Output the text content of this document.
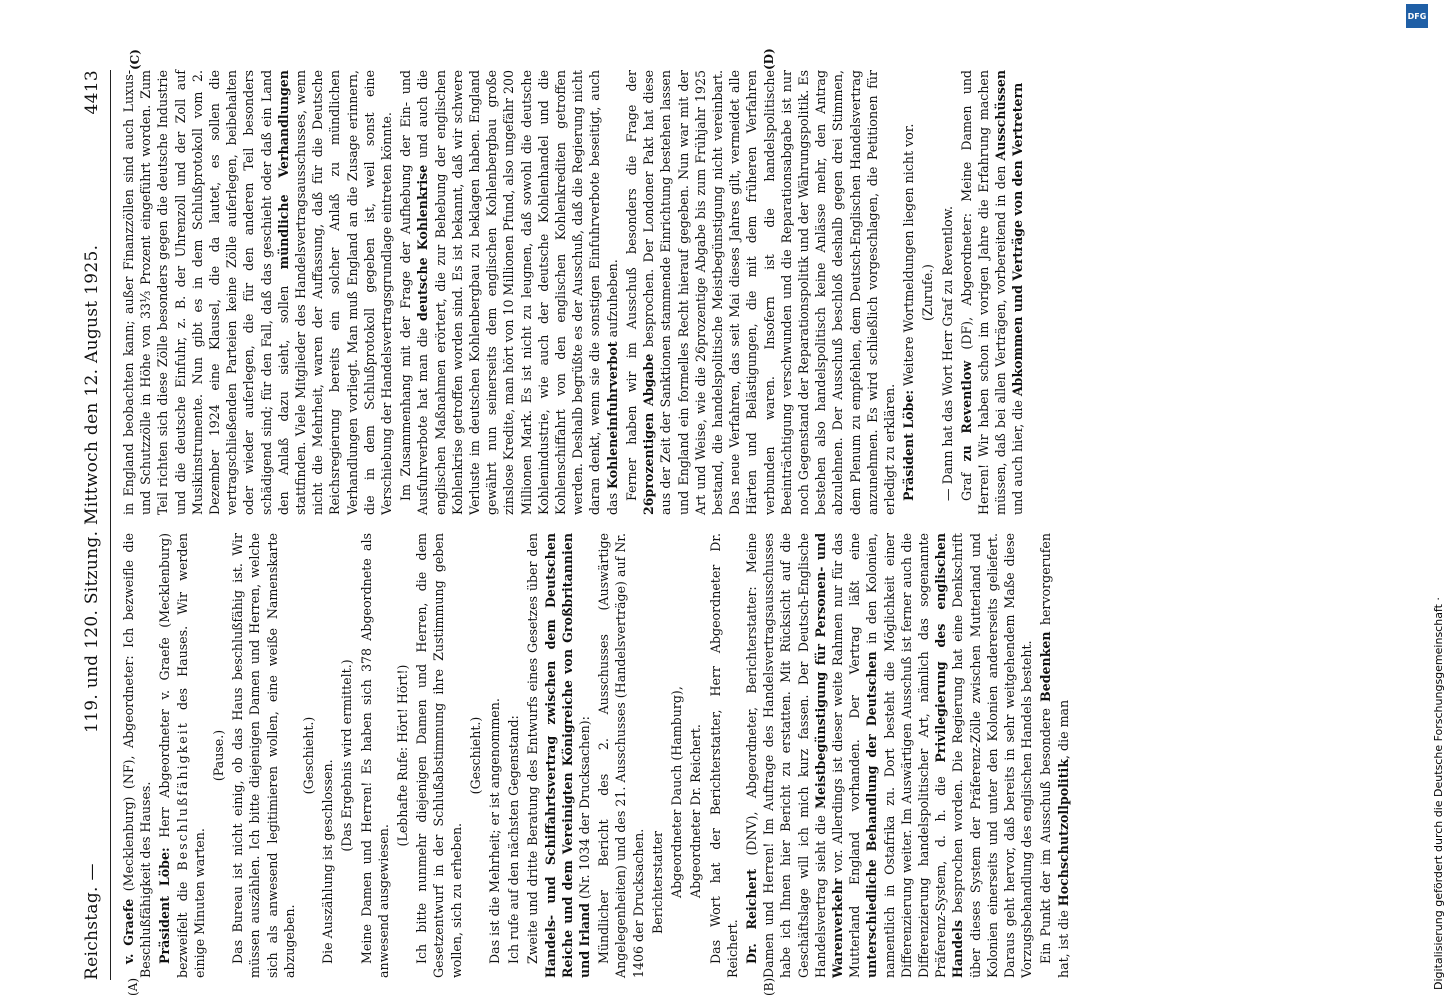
Reichstag. —
119. und 120. Sitzung. Mittwoch den 12. August 1925.
4413
(A)	(B)
(C)	(D)

v. Graefe (Mecklenburg) (NF), Abgeordneter: Ich bezweifle die Beschlußfähigkeit des Hauses. Präsident Löbe: Herr Abgeordneter v. Graefe (Mecklenburg) bezweifelt die Beschlußfähigkeit des Hauses. Wir werden einige Minuten warten.

(Pause.) Das Bureau ist nicht einig, ob das Haus beschlußfähig ist. Wir müssen auszählen. Ich bitte diejenigen Damen und Herren, welche sich als anwesend legitimieren wollen, eine weiße Namenskarte abzugeben.

(Geschieht.)

Die Auszählung ist geschlossen.

(Das Ergebnis wird ermittelt.) Meine Damen und Herren! Es haben sich 378 Abgeordnete als anwesend ausgewiesen.

(Lebhafte Rufe: Hört! Hört!) Ich bitte nunmehr diejenigen Damen und Herren, die dem Gesetzentwurf in der Schlußabstimmung ihre Zustimmung geben wollen, sich zu erheben.

(Geschieht.) Das ist die Mehrheit; er ist angenommen. Ich rufe auf den nächsten Gegenstand: Zweite und dritte Beratung des Entwurfs eines Gesetzes über den Handels- und Schiffahrtsvertrag zwischen dem Deutschen Reiche und dem Vereinigten Königreiche von Großbritannien und Irland (Nr. 1034 der Drucksachen): Mündlicher Bericht des 2. Ausschusses (Auswärtige Angelegenheiten) und des 21. Ausschusses (Handelsverträge) auf Nr. 1406 der Drucksachen. Berichterstatter Abgeordneter Dauch (Hamburg), Abgeordneter Dr. Reichert. Das Wort hat der Berichterstatter, Herr Abgeordneter Dr. Reichert. Dr. Reichert (DNV), Abgeordneter, Berichterstatter: Meine Damen und Herren! Im Auftrage des Handelsvertragsausschusses habe ich Ihnen hier Bericht zu erstatten. Mit Rücksicht auf die Geschäftslage will ich mich kurz fassen. Der Deutsch-Englische Handelsvertrag sieht die Meistbegünstigung für Personen- und Warenverkehr vor. Allerdings ist dieser weite Rahmen nur für das Mutterland England vorhanden. Der Vertrag läßt eine unterschiedliche Behandlung der Deutschen in den Kolonien, namentlich in Ostafrika zu. Dort besteht die Möglichkeit einer Differenzierung weiter. Im Auswärtigen Ausschuß ist ferner auch die Differenzierung handelspolitischer Art, nämlich das sogenannte Präferenz-System, d. h. die Privilegierung des englischen Handels besprochen worden. Die Regierung hat eine Denkschrift über dieses System der Präferenz-Zölle zwischen Mutterland und Kolonien einerseits und unter den Kolonien andererseits geliefert. Daraus geht hervor, daß bereits in sehr weitgehendem Maße diese Vorzugsbehandlung des englischen Handels besteht. Ein Punkt der im Ausschuß besondere Bedenken hervorgerufen hat, ist die Hochschutzollpolitik, die man

in England beobachten kann; außer Finanzzöllen sind auch Luxus- und Schutzzölle in Höhe von 33⅓ Prozent eingeführt worden. Zum Teil richten sich diese Zölle besonders gegen die deutsche Industrie und die deutsche Einfuhr, z. B. der Uhrenzoll und der Zoll auf Musikinstrumente. Nun gibt es in dem Schlußprotokoll vom 2. Dezember 1924 eine Klausel, die da lautet, es sollen die vertragschließenden Parteien keine Zölle auferlegen, beibehalten oder wieder auferlegen, die für den anderen Teil besonders schädigend sind; für den Fall, daß das geschieht oder daß ein Land den Anlaß dazu sieht, sollen mündliche Verhandlungen stattfinden. Viele Mitglieder des Handelsvertragsausschusses, wenn nicht die Mehrheit, waren der Auffassung, daß für die Deutsche Reichsregierung bereits ein solcher Anlaß zu mündlichen Verhandlungen vorliegt. Man muß England an die Zusage erinnern, die in dem Schlußprotokoll gegeben ist, weil sonst eine Verschiebung der Handelsvertragsgrundlage eintreten könnte. Im Zusammenhang mit der Frage der Aufhebung der Ein- und Ausfuhrverbote hat man die deutsche Kohlenkrise und auch die englischen Maßnahmen erörtert, die zur Behebung der englischen Kohlenkrise getroffen worden sind. Es ist bekannt, daß wir schwere Verluste im deutschen Kohlenbergbau zu beklagen haben. England gewährt nun seinerseits dem englischen Kohlenbergbau große zinslose Kredite, man hört von 10 Millionen Pfund, also ungefähr 200 Millionen Mark. Es ist nicht zu leugnen, daß sowohl die deutsche Kohlenindustrie, wie auch der deutsche Kohlenhandel und die Kohlenschiffahrt von den englischen Kohlenkrediten getroffen werden. Deshalb begrüßte es der Ausschuß, daß die Regierung nicht daran denkt, wenn sie die sonstigen Einfuhrverbote beseitigt, auch das Kohleneinfuhrverbot aufzuheben. Ferner haben wir im Ausschuß besonders die Frage der 26prozentigen Abgabe besprochen. Der Londoner Pakt hat diese aus der Zeit der Sanktionen stammende Einrichtung bestehen lassen und England ein formelles Recht hierauf gegeben. Nun war mit der Art und Weise, wie die 26prozentige Abgabe bis zum Frühjahr 1925 bestand, die handelspolitische Meistbegünstigung nicht vereinbart. Das neue Verfahren, das seit Mai dieses Jahres gilt, vermeidet alle Härten und Belästigungen, die mit dem früheren Verfahren verbunden waren. Insofern ist die handelspolitische Beeinträchtigung verschwunden und die Reparationsabgabe ist nur noch Gegenstand der Reparationspolitik und der Währungspolitik. Es bestehen also handelspolitisch keine Anlässe mehr, den Antrag abzulehnen. Der Ausschuß beschloß deshalb gegen drei Stimmen, dem Plenum zu empfehlen, dem Deutsch-Englischen Handelsvertrag anzunehmen. Es wird schließlich vorgeschlagen, die Petitionen für erledigt zu erklären. Präsident Löbe: Weitere Wortmeldungen liegen nicht vor. (Zurufe.) — Dann hat das Wort Herr Graf zu Reventlow. Graf zu Reventlow (DF), Abgeordneter: Meine Damen und Herren! Wir haben schon im vorigen Jahre die Erfahrung machen müssen, daß bei allen Verträgen, vorbereitend in den Ausschüssen und auch hier, die Abkommen und Verträge von den Vertretern

DFG
Digitalisierung gefördert durch die Deutsche Forschungsgemeinschaft ·
